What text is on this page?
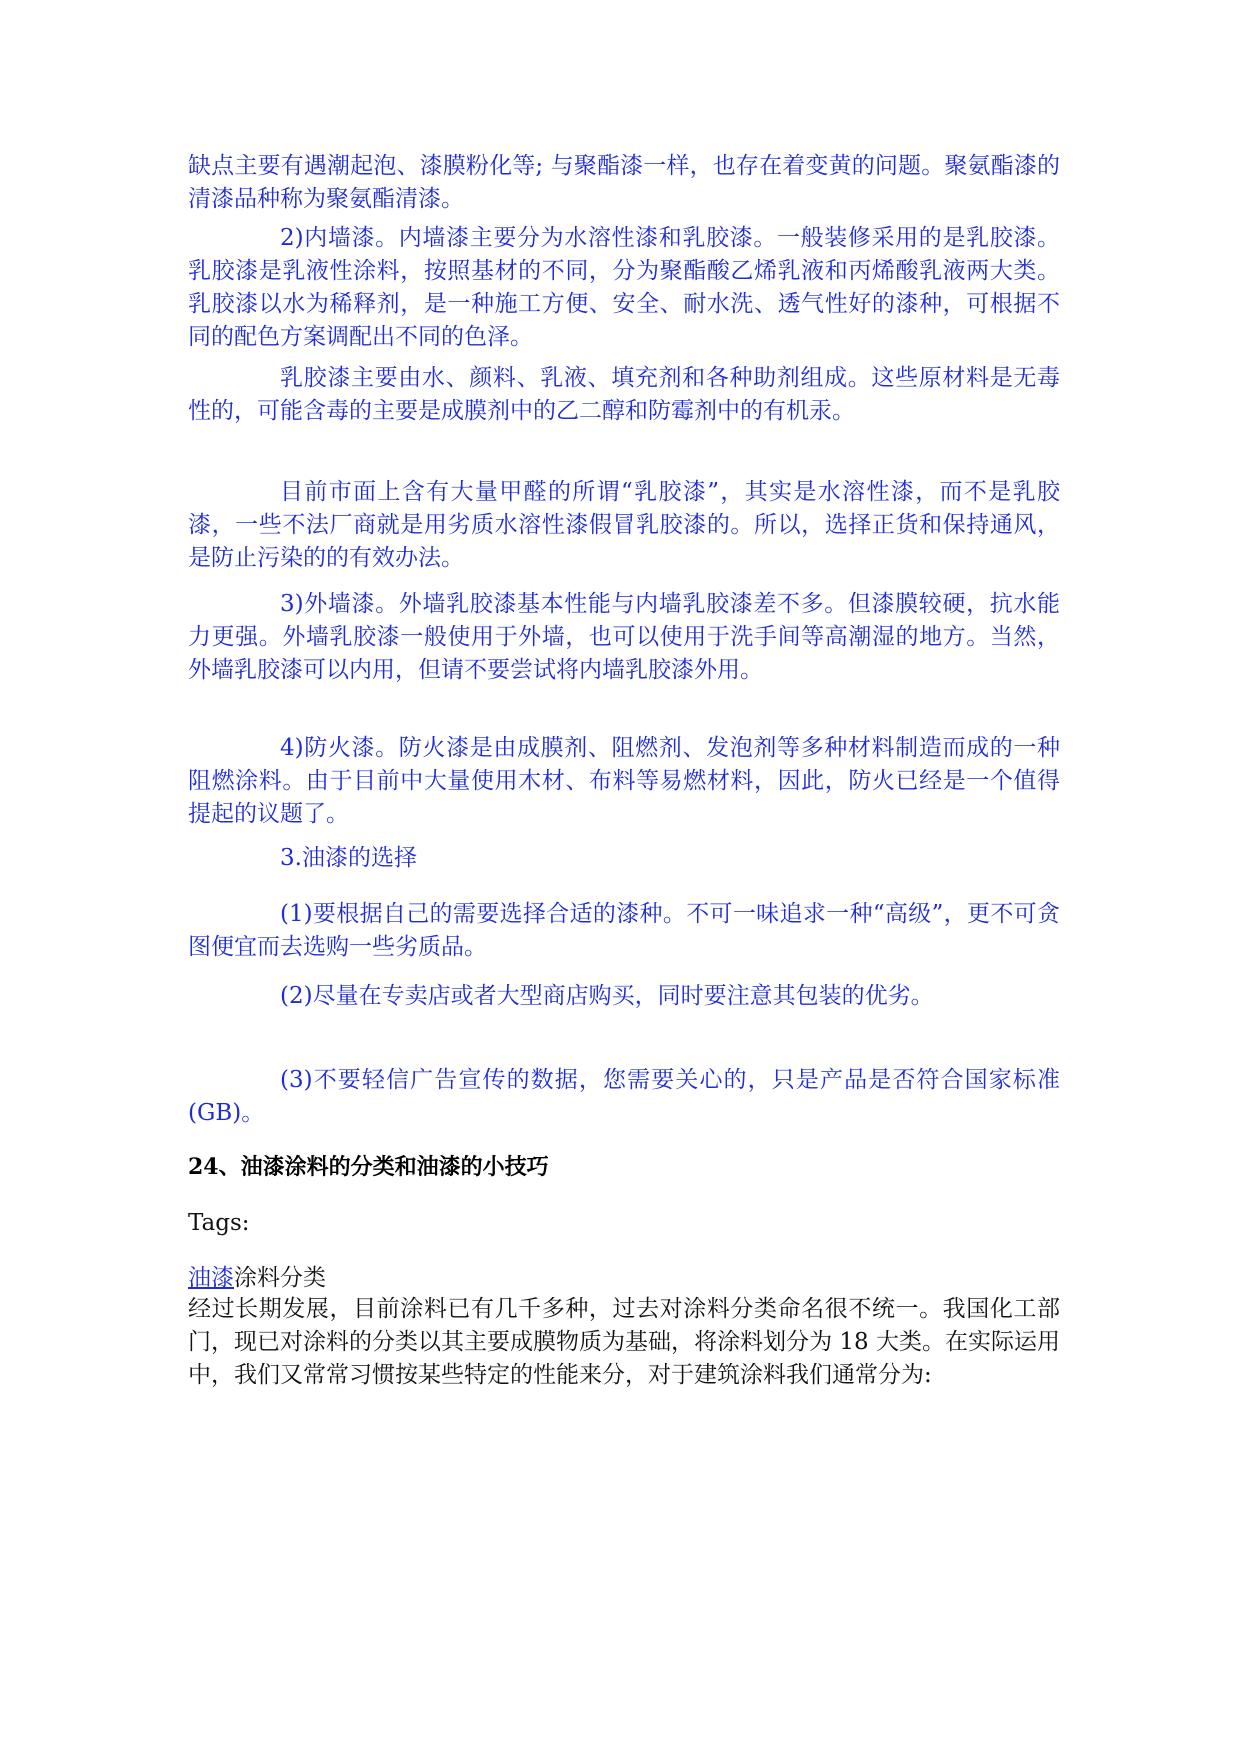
缺点主要有遇潮起泡、漆膜粉化等; 与聚酯漆一样，也存在着变黄的问题。聚氨酯漆的清漆品种称为聚氨酯清漆。

2)内墙漆。内墙漆主要分为水溶性漆和乳胶漆。一般装修采用的是乳胶漆。乳胶漆是乳液性涂料，按照基材的不同，分为聚酯酸乙烯乳液和丙烯酸乳液两大类。乳胶漆以水为稀释剂，是一种施工方便、安全、耐水洗、透气性好的漆种，可根据不同的配色方案调配出不同的色泽。

乳胶漆主要由水、颜料、乳液、填充剂和各种助剂组成。这些原材料是无毒性的，可能含毒的主要是成膜剂中的乙二醇和防霉剂中的有机汞。

目前市面上含有大量甲醛的所谓“乳胶漆”，其实是水溶性漆，而不是乳胶漆，一些不法厂商就是用劣质水溶性漆假冒乳胶漆的。所以，选择正货和保持通风，是防止污染的的有效办法。

3)外墙漆。外墙乳胶漆基本性能与内墙乳胶漆差不多。但漆膜较硬，抗水能力更强。外墙乳胶漆一般使用于外墙，也可以使用于洗手间等高潮湿的地方。当然，外墙乳胶漆可以内用，但请不要尝试将内墙乳胶漆外用。

4)防火漆。防火漆是由成膜剂、阻燃剂、发泡剂等多种材料制造而成的一种阻燃涂料。由于目前中大量使用木材、布料等易燃材料，因此，防火已经是一个值得提起的议题了。

3.油漆的选择

(1)要根据自己的需要选择合适的漆种。不可一味追求一种“高级”，更不可贪图便宜而去选购一些劣质品。

(2)尽量在专卖店或者大型商店购买，同时要注意其包装的优劣。

(3)不要轻信广告宣传的数据，您需要关心的，只是产品是否符合国家标准(GB)。

24、油漆涂料的分类和油漆的小技巧

Tags:

油漆涂料分类

经过长期发展，目前涂料已有几千多种，过去对涂料分类命名很不统一。我国化工部门，现已对涂料的分类以其主要成膜物质为基础，将涂料划分为 18 大类。在实际运用中，我们又常常习惯按某些特定的性能来分，对于建筑涂料我们通常分为:
